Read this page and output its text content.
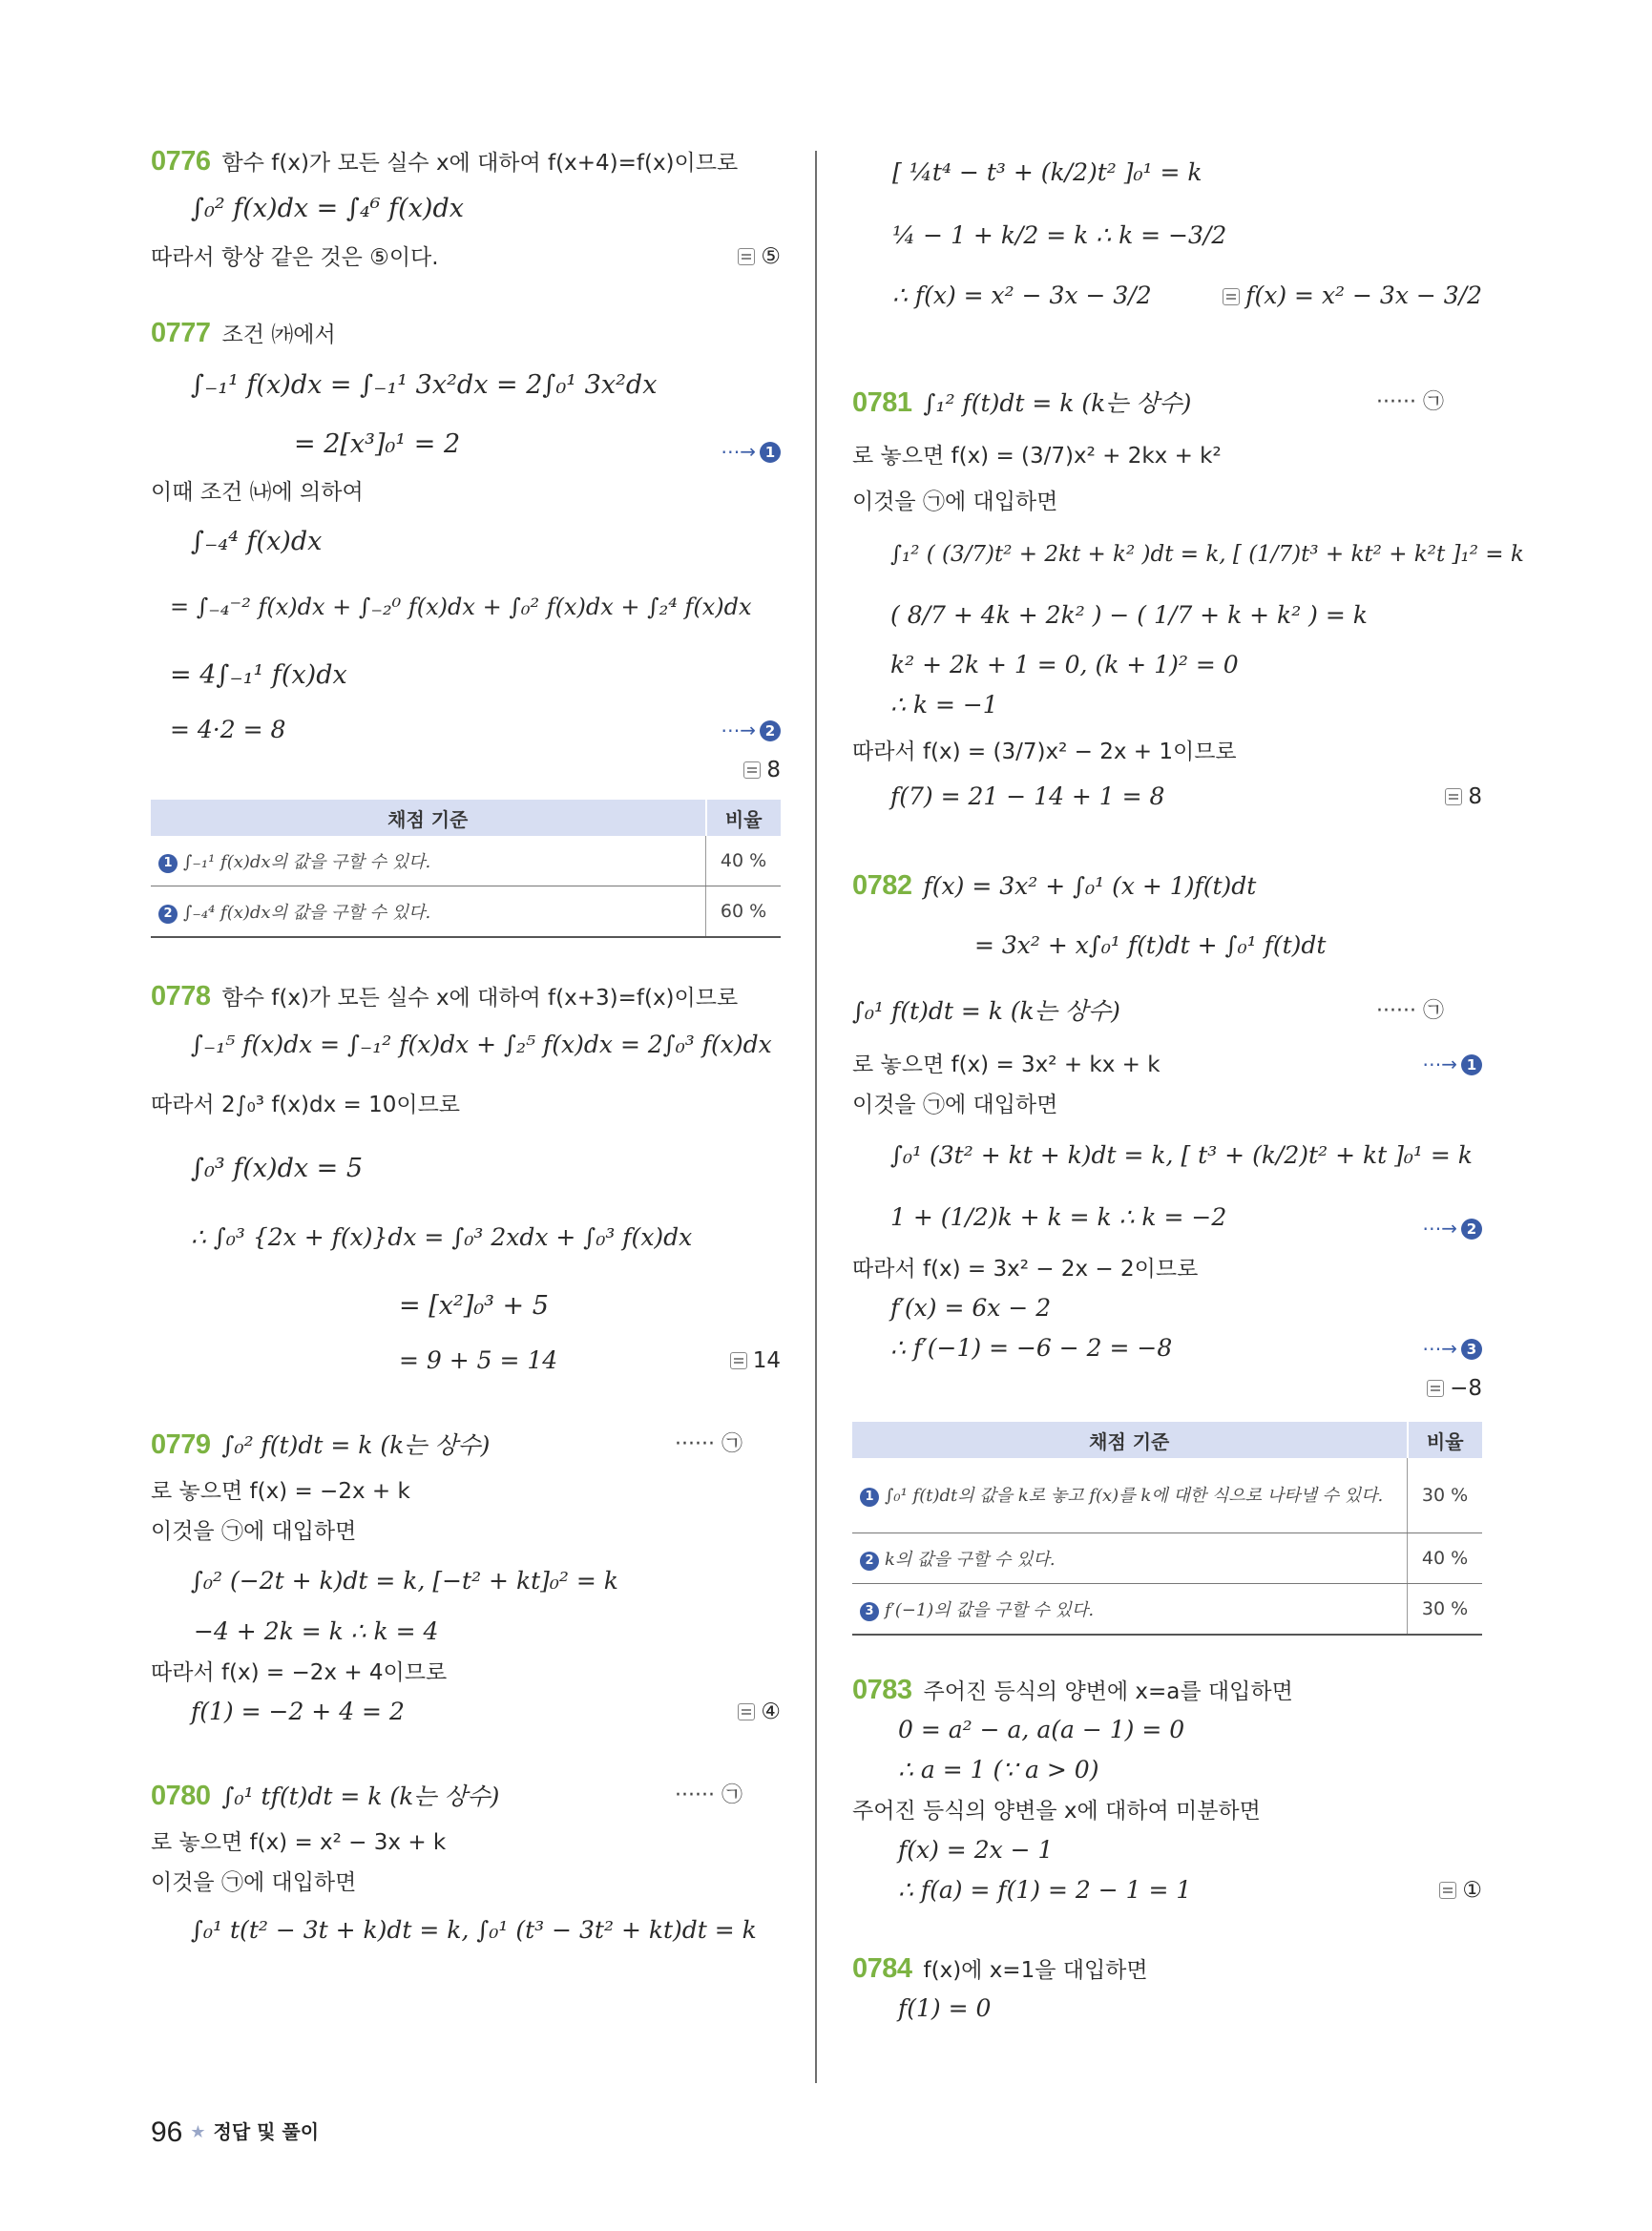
0776 함수 f(x)가 모든 실수 x에 대하여 f(x+4)=f(x)이므로
∫₀² f(x)dx = ∫₄⁶ f(x)dx
따라서 항상 같은 것은 ⑤이다.	⑤
0777 조건 ㈎에서
∫₋₁¹ f(x)dx = ∫₋₁¹ 3x²dx = 2∫₀¹ 3x²dx
= 2[x³]₀¹ = 2	⋯→ 1
이때 조건 ㈏에 의하여
∫₋₄⁴ f(x)dx
= ∫₋₄⁻² f(x)dx + ∫₋₂⁰ f(x)dx + ∫₀² f(x)dx + ∫₂⁴ f(x)dx
= 4∫₋₁¹ f(x)dx
= 4·2 = 8	⋯→ 2
8
채점 기준	비율
1 ∫₋₁¹ f(x)dx의 값을 구할 수 있다.	40 %
2 ∫₋₄⁴ f(x)dx의 값을 구할 수 있다.	60 %
0778 함수 f(x)가 모든 실수 x에 대하여 f(x+3)=f(x)이므로
∫₋₁⁵ f(x)dx = ∫₋₁² f(x)dx + ∫₂⁵ f(x)dx = 2∫₀³ f(x)dx
따라서 2∫₀³ f(x)dx = 10이므로
∫₀³ f(x)dx = 5
∴ ∫₀³ {2x + f(x)}dx = ∫₀³ 2xdx + ∫₀³ f(x)dx
= [x²]₀³ + 5
= 9 + 5 = 14	14
0779 ∫₀² f(t)dt = k (k는 상수)	······ ㉠
로 놓으면 f(x) = −2x + k
이것을 ㉠에 대입하면
∫₀² (−2t + k)dt = k, [−t² + kt]₀² = k
−4 + 2k = k ∴ k = 4
따라서 f(x) = −2x + 4이므로
f(1) = −2 + 4 = 2	④
0780 ∫₀¹ tf(t)dt = k (k는 상수)	······ ㉠
로 놓으면 f(x) = x² − 3x + k
이것을 ㉠에 대입하면
∫₀¹ t(t² − 3t + k)dt = k, ∫₀¹ (t³ − 3t² + kt)dt = k
[ ¼t⁴ − t³ + (k/2)t² ]₀¹ = k
¼ − 1 + k/2 = k ∴ k = −3/2
∴ f(x) = x² − 3x − 3/2	f(x) = x² − 3x − 3/2
0781 ∫₁² f(t)dt = k (k는 상수)	······ ㉠
로 놓으면 f(x) = (3/7)x² + 2kx + k²
이것을 ㉠에 대입하면
∫₁² ( (3/7)t² + 2kt + k² )dt = k, [ (1/7)t³ + kt² + k²t ]₁² = k
( 8/7 + 4k + 2k² ) − ( 1/7 + k + k² ) = k
k² + 2k + 1 = 0, (k + 1)² = 0
∴ k = −1
따라서 f(x) = (3/7)x² − 2x + 1이므로
f(7) = 21 − 14 + 1 = 8	8
0782 f(x) = 3x² + ∫₀¹ (x + 1)f(t)dt
= 3x² + x∫₀¹ f(t)dt + ∫₀¹ f(t)dt
∫₀¹ f(t)dt = k (k는 상수)	······ ㉠
로 놓으면 f(x) = 3x² + kx + k	⋯→ 1
이것을 ㉠에 대입하면
∫₀¹ (3t² + kt + k)dt = k, [ t³ + (k/2)t² + kt ]₀¹ = k
1 + (1/2)k + k = k ∴ k = −2	⋯→ 2
따라서 f(x) = 3x² − 2x − 2이므로
f′(x) = 6x − 2
∴ f′(−1) = −6 − 2 = −8	⋯→ 3
−8
채점 기준	비율
1 ∫₀¹ f(t)dt의 값을 k로 놓고 f(x)를 k에 대한 식으로 나타낼 수 있다.	30 %
2 k의 값을 구할 수 있다.	40 %
3 f′(−1)의 값을 구할 수 있다.	30 %
0783 주어진 등식의 양변에 x=a를 대입하면
0 = a² − a, a(a − 1) = 0
∴ a = 1 (∵ a > 0)
주어진 등식의 양변을 x에 대하여 미분하면
f(x) = 2x − 1
∴ f(a) = f(1) = 2 − 1 = 1	①
0784 f(x)에 x=1을 대입하면
f(1) = 0
96 ★ 정답 및 풀이
